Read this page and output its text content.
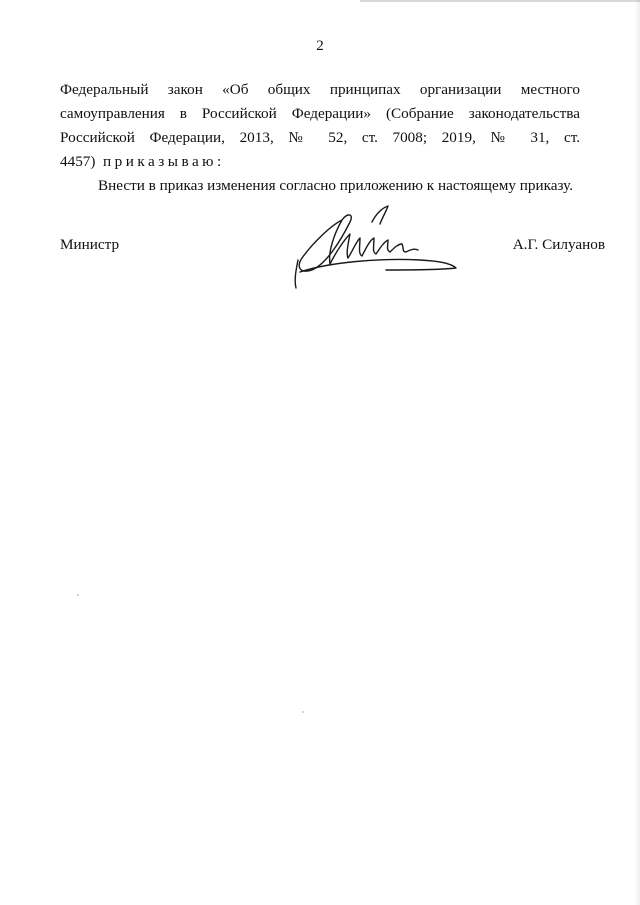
2

Федеральный закон «Об общих принципах организации местного самоуправления в Российской Федерации» (Собрание законодательства Российской Федерации, 2013, № 52, ст. 7008; 2019, № 31, ст. 4457) приказываю:

Внести в приказ изменения согласно приложению к настоящему приказу.

Министр	А.Г. Силуанов
